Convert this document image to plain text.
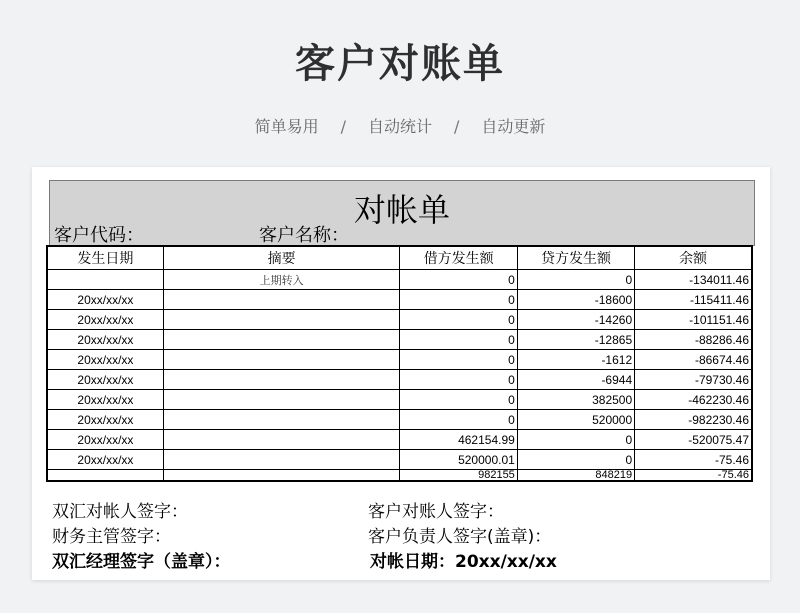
客户对账单
简单易用 / 自动统计 / 自动更新
对帐单
客户代码：	客户名称：
发生日期	摘要	借方发生额	贷方发生额	余额
	上期转入	0	0	-134011.46
20xx/xx/xx		0	-18600	-115411.46
20xx/xx/xx		0	-14260	-101151.46
20xx/xx/xx		0	-12865	-88286.46
20xx/xx/xx		0	-1612	-86674.46
20xx/xx/xx		0	-6944	-79730.46
20xx/xx/xx		0	382500	-462230.46
20xx/xx/xx		0	520000	-982230.46
20xx/xx/xx		462154.99	0	-520075.47
20xx/xx/xx		520000.01	0	-75.46
		982155	848219	-75.46
双汇对帐人签字：	客户对账人签字：
财务主管签字：	客户负责人签字(盖章)：
双汇经理签字（盖章）：	对帐日期：20xx/xx/xx
